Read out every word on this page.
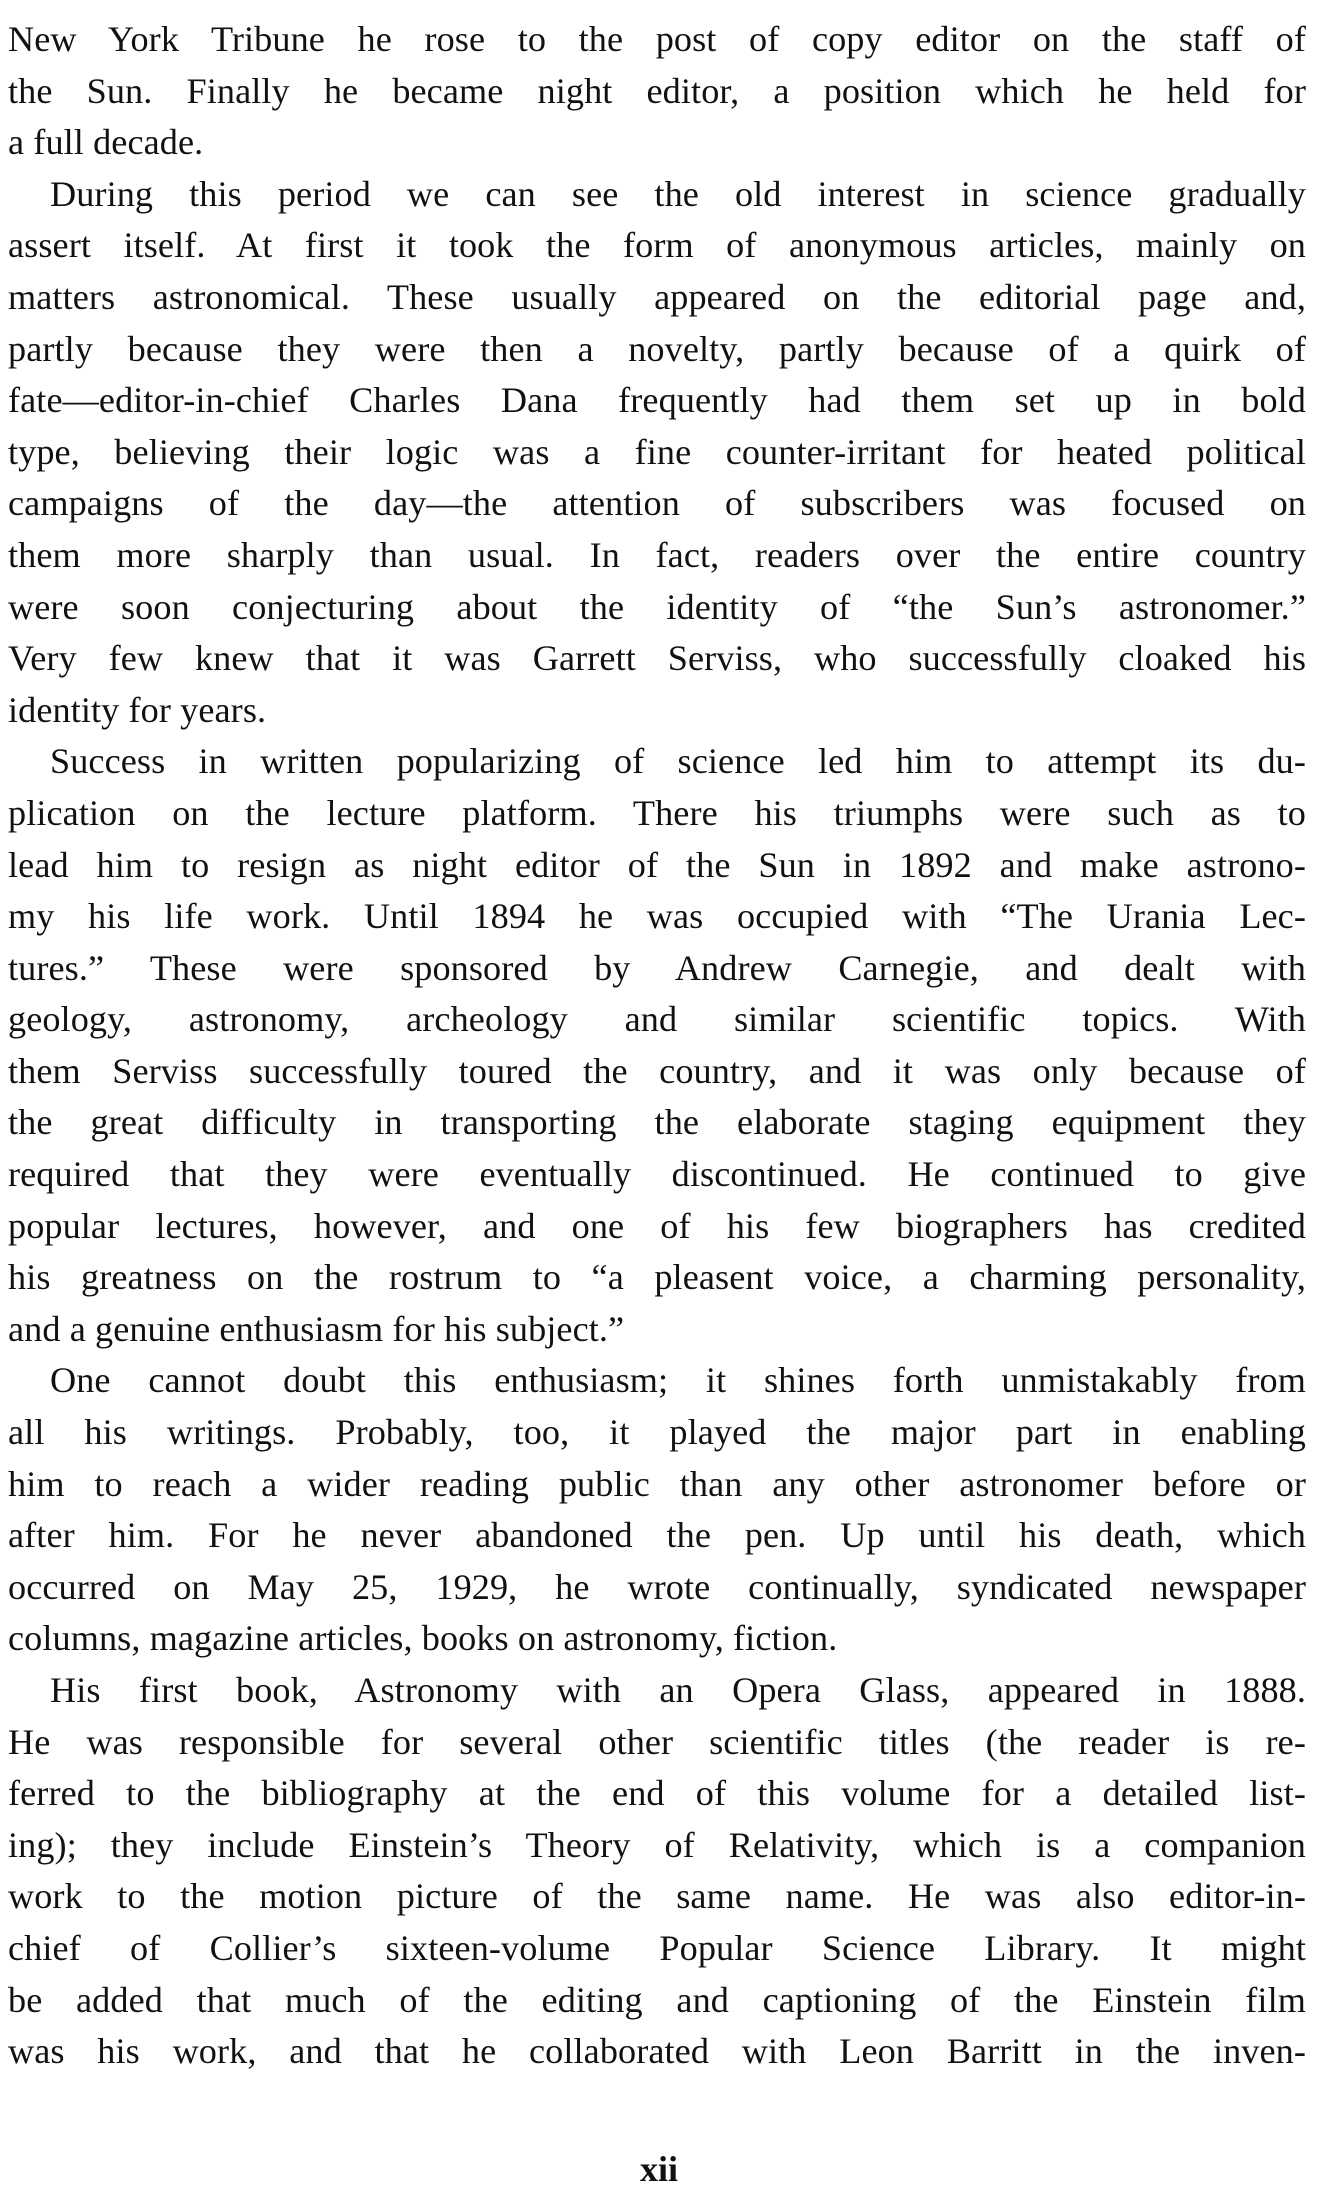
New York Tribune he rose to the post of copy editor on the staff of
the Sun. Finally he became night editor, a position which he held for
a full decade.
During this period we can see the old interest in science gradually
assert itself. At first it took the form of anonymous articles, mainly on
matters astronomical. These usually appeared on the editorial page and,
partly because they were then a novelty, partly because of a quirk of
fate—editor-in-chief Charles Dana frequently had them set up in bold
type, believing their logic was a fine counter-irritant for heated political
campaigns of the day—the attention of subscribers was focused on
them more sharply than usual. In fact, readers over the entire country
were soon conjecturing about the identity of “the Sun’s astronomer.”
Very few knew that it was Garrett Serviss, who successfully cloaked his
identity for years.
Success in written popularizing of science led him to attempt its du-
plication on the lecture platform. There his triumphs were such as to
lead him to resign as night editor of the Sun in 1892 and make astrono-
my his life work. Until 1894 he was occupied with “The Urania Lec-
tures.” These were sponsored by Andrew Carnegie, and dealt with
geology, astronomy, archeology and similar scientific topics. With
them Serviss successfully toured the country, and it was only because of
the great difficulty in transporting the elaborate staging equipment they
required that they were eventually discontinued. He continued to give
popular lectures, however, and one of his few biographers has credited
his greatness on the rostrum to “a pleasent voice, a charming personality,
and a genuine enthusiasm for his subject.”
One cannot doubt this enthusiasm; it shines forth unmistakably from
all his writings. Probably, too, it played the major part in enabling
him to reach a wider reading public than any other astronomer before or
after him. For he never abandoned the pen. Up until his death, which
occurred on May 25, 1929, he wrote continually, syndicated newspaper
columns, magazine articles, books on astronomy, fiction.
His first book, Astronomy with an Opera Glass, appeared in 1888.
He was responsible for several other scientific titles (the reader is re-
ferred to the bibliography at the end of this volume for a detailed list-
ing); they include Einstein’s Theory of Relativity, which is a companion
work to the motion picture of the same name. He was also editor-in-
chief of Collier’s sixteen-volume Popular Science Library. It might
be added that much of the editing and captioning of the Einstein film
was his work, and that he collaborated with Leon Barritt in the inven-
xii
